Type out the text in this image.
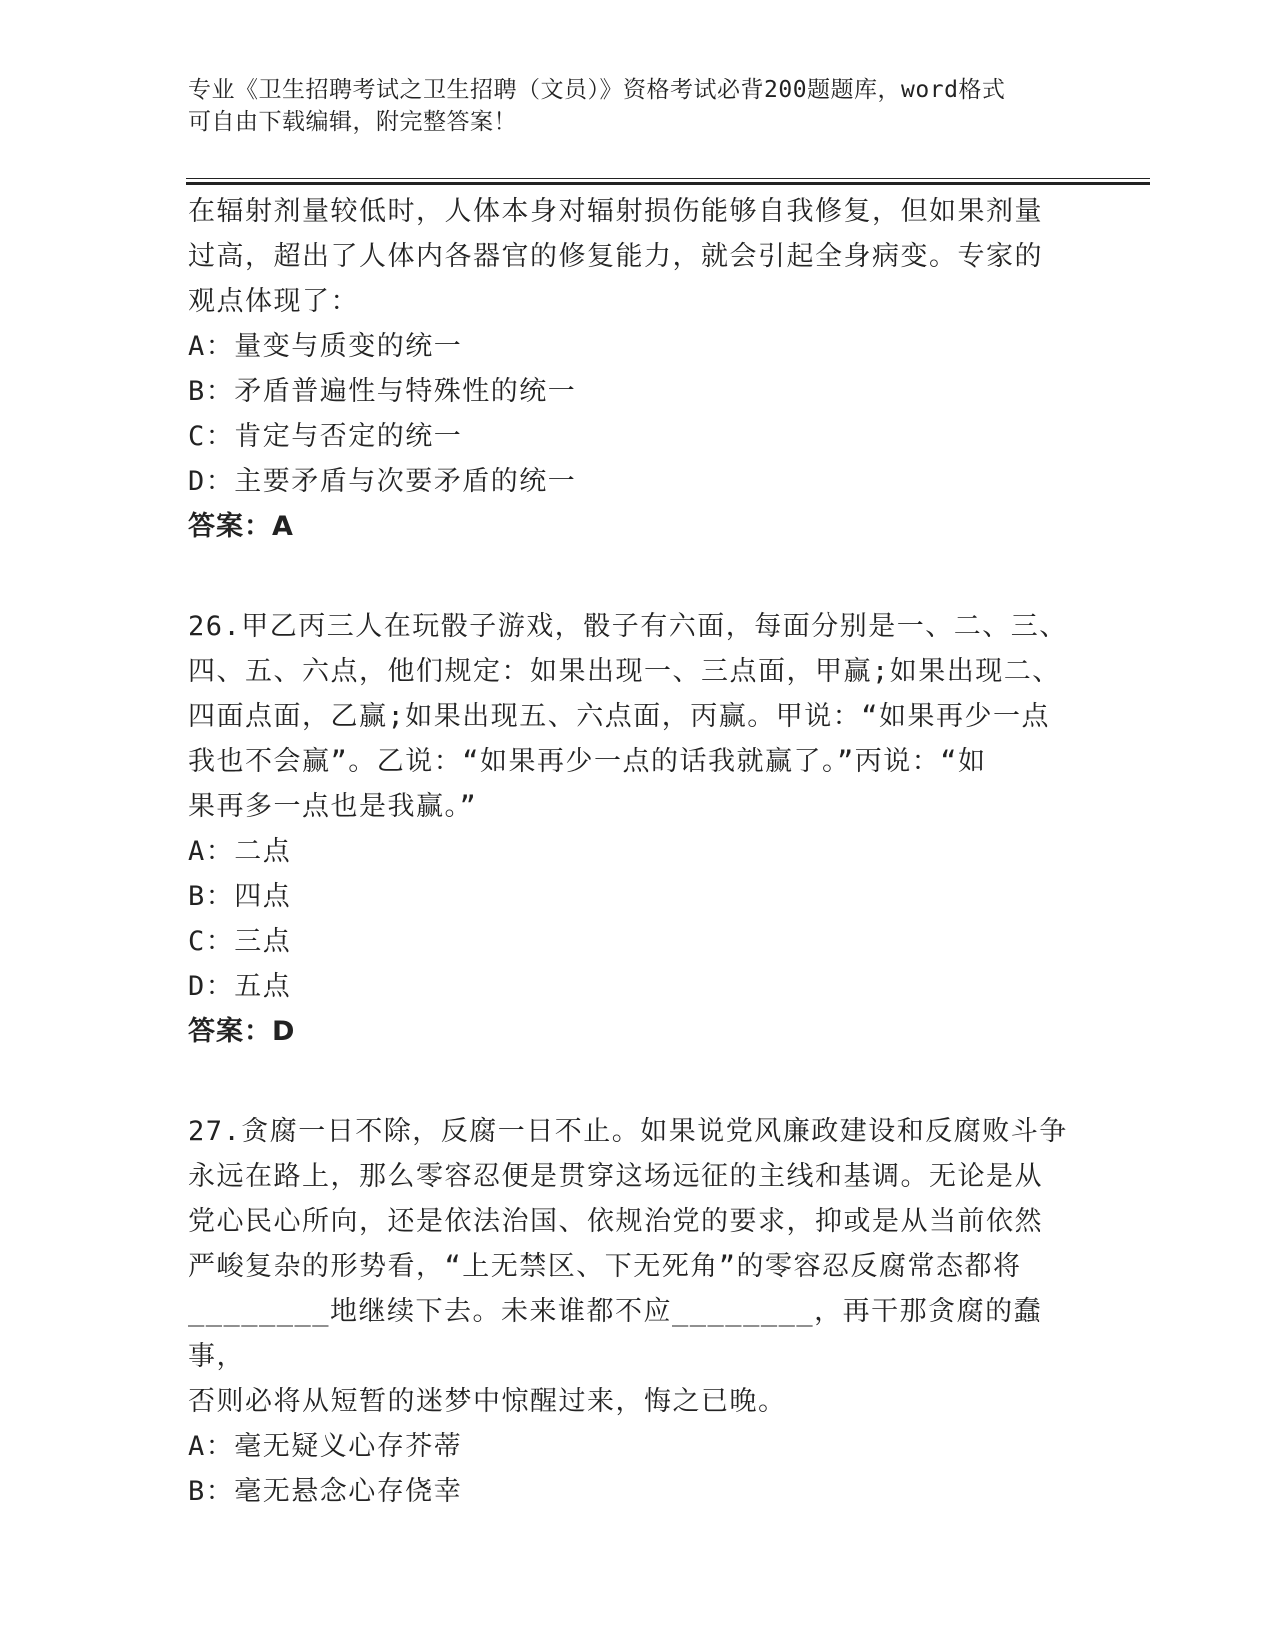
专业《卫生招聘考试之卫生招聘（文员）》资格考试必背200题题库，word格式
可自由下载编辑，附完整答案！
在辐射剂量较低时，人体本身对辐射损伤能够自我修复，但如果剂量
过高，超出了人体内各器官的修复能力，就会引起全身病变。专家的
观点体现了：
A：量变与质变的统一
B：矛盾普遍性与特殊性的统一
C：肯定与否定的统一
D：主要矛盾与次要矛盾的统一
答案：A
26.甲乙丙三人在玩骰子游戏，骰子有六面，每面分别是一、二、三、
四、五、六点，他们规定：如果出现一、三点面，甲赢;如果出现二、
四面点面，乙赢;如果出现五、六点面，丙赢。甲说：“如果再少一点
我也不会赢”。乙说：“如果再少一点的话我就赢了。”丙说：“如
果再多一点也是我赢。”
A：二点
B：四点
C：三点
D：五点
答案：D
27.贪腐一日不除，反腐一日不止。如果说党风廉政建设和反腐败斗争
永远在路上，那么零容忍便是贯穿这场远征的主线和基调。无论是从
党心民心所向，还是依法治国、依规治党的要求，抑或是从当前依然
严峻复杂的形势看，“上无禁区、下无死角”的零容忍反腐常态都将
________地继续下去。未来谁都不应________，再干那贪腐的蠢事，
否则必将从短暂的迷梦中惊醒过来，悔之已晚。
A：毫无疑义心存芥蒂
B：毫无悬念心存侥幸
